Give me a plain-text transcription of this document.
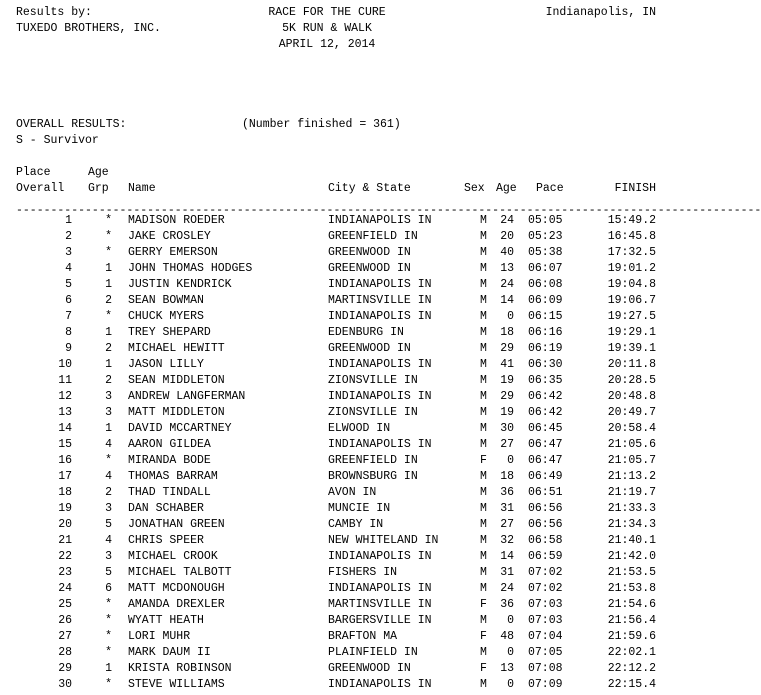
Results by:
TUXEDO BROTHERS, INC.
RACE FOR THE CURE
5K RUN & WALK
APRIL 12, 2014
Indianapolis, IN
OVERALL RESULTS:	(Number finished = 361)
S - Survivor
Place
Overall
Age
Grp Name	City & State	Sex Age Pace	FINISH
------------------------------------------------------------------------------------------------------------
1	* MADISON ROEDER	INDIANAPOLIS IN	M	24 05:05	15:49.2
2	* JAKE CROSLEY	GREENFIELD IN	M	20 05:23	16:45.8
3	* GERRY EMERSON	GREENWOOD IN	M	40 05:38	17:32.5
4	1 JOHN THOMAS HODGES	GREENWOOD IN	M	13 06:07	19:01.2
5	1 JUSTIN KENDRICK	INDIANAPOLIS IN	M	24 06:08	19:04.8
6	2 SEAN BOWMAN	MARTINSVILLE IN	M	14 06:09	19:06.7
7	* CHUCK MYERS	INDIANAPOLIS IN	M	0 06:15	19:27.5
8	1 TREY SHEPARD	EDENBURG IN	M	18 06:16	19:29.1
9	2 MICHAEL HEWITT	GREENWOOD IN	M	29 06:19	19:39.1
10	1 JASON LILLY	INDIANAPOLIS IN	M	41 06:30	20:11.8
11	2 SEAN MIDDLETON	ZIONSVILLE IN	M	19 06:35	20:28.5
12	3 ANDREW LANGFERMAN	INDIANAPOLIS IN	M	29 06:42	20:48.8
13	3 MATT MIDDLETON	ZIONSVILLE IN	M	19 06:42	20:49.7
14	1 DAVID MCCARTNEY	ELWOOD IN	M	30 06:45	20:58.4
15	4 AARON GILDEA	INDIANAPOLIS IN	M	27 06:47	21:05.6
16	* MIRANDA BODE	GREENFIELD IN	F	0 06:47	21:05.7
17	4 THOMAS BARRAM	BROWNSBURG IN	M	18 06:49	21:13.2
18	2 THAD TINDALL	AVON IN	M	36 06:51	21:19.7
19	3 DAN SCHABER	MUNCIE IN	M	31 06:56	21:33.3
20	5 JONATHAN GREEN	CAMBY IN	M	27 06:56	21:34.3
21	4 CHRIS SPEER	NEW WHITELAND IN	M	32 06:58	21:40.1
22	3 MICHAEL CROOK	INDIANAPOLIS IN	M	14 06:59	21:42.0
23	5 MICHAEL TALBOTT	FISHERS IN	M	31 07:02	21:53.5
24	6 MATT MCDONOUGH	INDIANAPOLIS IN	M	24 07:02	21:53.8
25	* AMANDA DREXLER	MARTINSVILLE IN	F	36 07:03	21:54.6
26	* WYATT HEATH	BARGERSVILLE IN	M	0 07:03	21:56.4
27	* LORI MUHR	BRAFTON MA	F	48 07:04	21:59.6
28	* MARK DAUM II	PLAINFIELD IN	M	0 07:05	22:02.1
29	1 KRISTA ROBINSON	GREENWOOD IN	F	13 07:08	22:12.2
30	* STEVE WILLIAMS	INDIANAPOLIS IN	M	0 07:09	22:15.4
